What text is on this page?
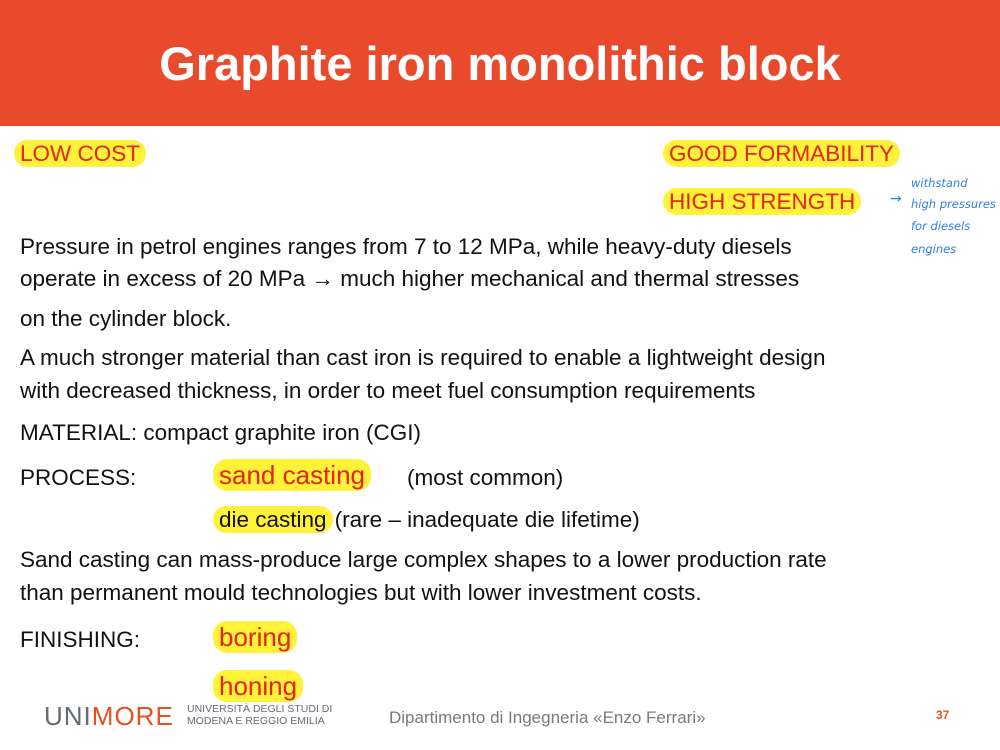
Graphite iron monolithic block
LOW COST	GOOD FORMABILITY
HIGH STRENGTH	→
withstand
high pressures
for diesels
engines
Pressure in petrol engines ranges from 7 to 12 MPa, while heavy-duty diesels
operate in excess of 20 MPa → much higher mechanical and thermal stresses
on the cylinder block.
A much stronger material than cast iron is required to enable a lightweight design
with decreased thickness, in order to meet fuel consumption requirements
MATERIAL: compact graphite iron (CGI)
PROCESS:	sand casting (most common)
die casting (rare – inadequate die lifetime)
Sand casting can mass-produce large complex shapes to a lower production rate
than permanent mould technologies but with lower investment costs.
FINISHING:	boring
honing
UNIMORE UNIVERSITÀ DEGLI STUDI DI
MODENA E REGGIO EMILIA	Dipartimento di Ingegneria «Enzo Ferrari»	37
